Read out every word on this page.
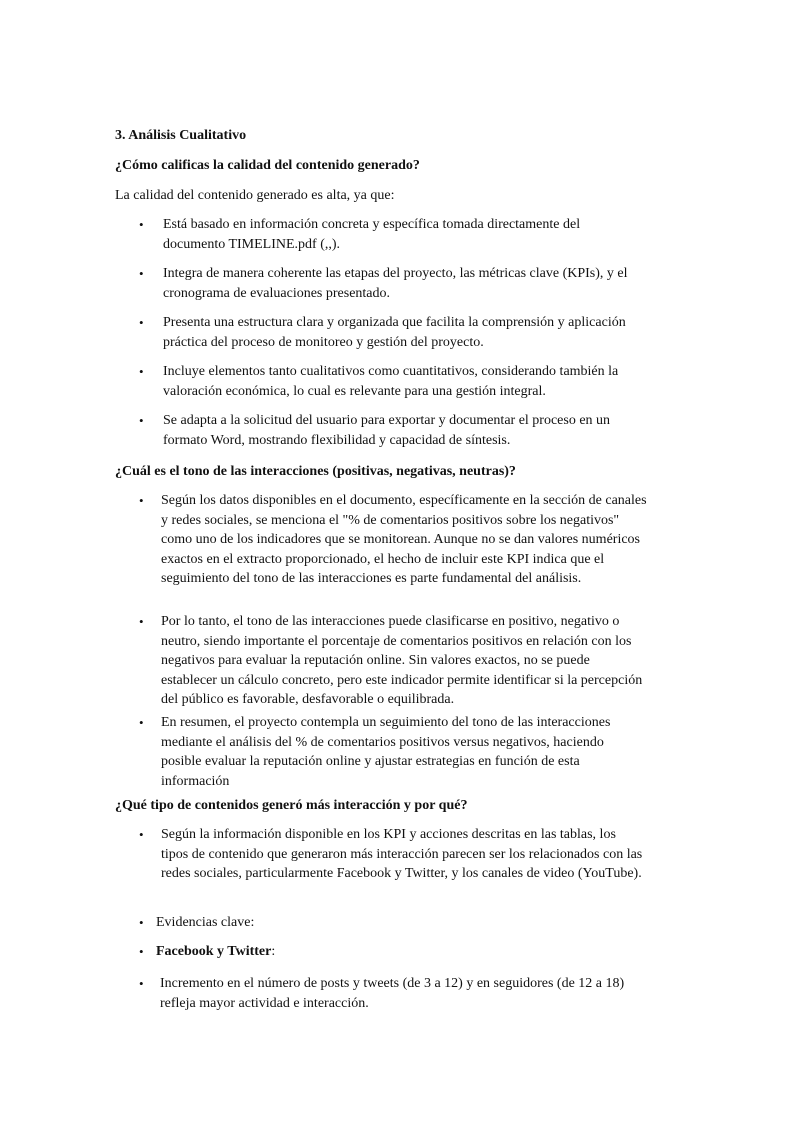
3. Análisis Cualitativo
¿Cómo calificas la calidad del contenido generado?
La calidad del contenido generado es alta, ya que:
• Está basado en información concreta y específica tomada directamente del documento TIMELINE.pdf (,,).
• Integra de manera coherente las etapas del proyecto, las métricas clave (KPIs), y el cronograma de evaluaciones presentado.
• Presenta una estructura clara y organizada que facilita la comprensión y aplicación práctica del proceso de monitoreo y gestión del proyecto.
• Incluye elementos tanto cualitativos como cuantitativos, considerando también la valoración económica, lo cual es relevante para una gestión integral.
• Se adapta a la solicitud del usuario para exportar y documentar el proceso en un formato Word, mostrando flexibilidad y capacidad de síntesis.
¿Cuál es el tono de las interacciones (positivas, negativas, neutras)?
• Según los datos disponibles en el documento, específicamente en la sección de canales y redes sociales, se menciona el "% de comentarios positivos sobre los negativos" como uno de los indicadores que se monitorean. Aunque no se dan valores numéricos exactos en el extracto proporcionado, el hecho de incluir este KPI indica que el seguimiento del tono de las interacciones es parte fundamental del análisis.
• Por lo tanto, el tono de las interacciones puede clasificarse en positivo, negativo o neutro, siendo importante el porcentaje de comentarios positivos en relación con los negativos para evaluar la reputación online. Sin valores exactos, no se puede establecer un cálculo concreto, pero este indicador permite identificar si la percepción del público es favorable, desfavorable o equilibrada.
• En resumen, el proyecto contempla un seguimiento del tono de las interacciones mediante el análisis del % de comentarios positivos versus negativos, haciendo posible evaluar la reputación online y ajustar estrategias en función de esta información
¿Qué tipo de contenidos generó más interacción y por qué?
• Según la información disponible en los KPI y acciones descritas en las tablas, los tipos de contenido que generaron más interacción parecen ser los relacionados con las redes sociales, particularmente Facebook y Twitter, y los canales de video (YouTube).
• Evidencias clave:
• Facebook y Twitter:
• Incremento en el número de posts y tweets (de 3 a 12) y en seguidores (de 12 a 18) refleja mayor actividad e interacción.
